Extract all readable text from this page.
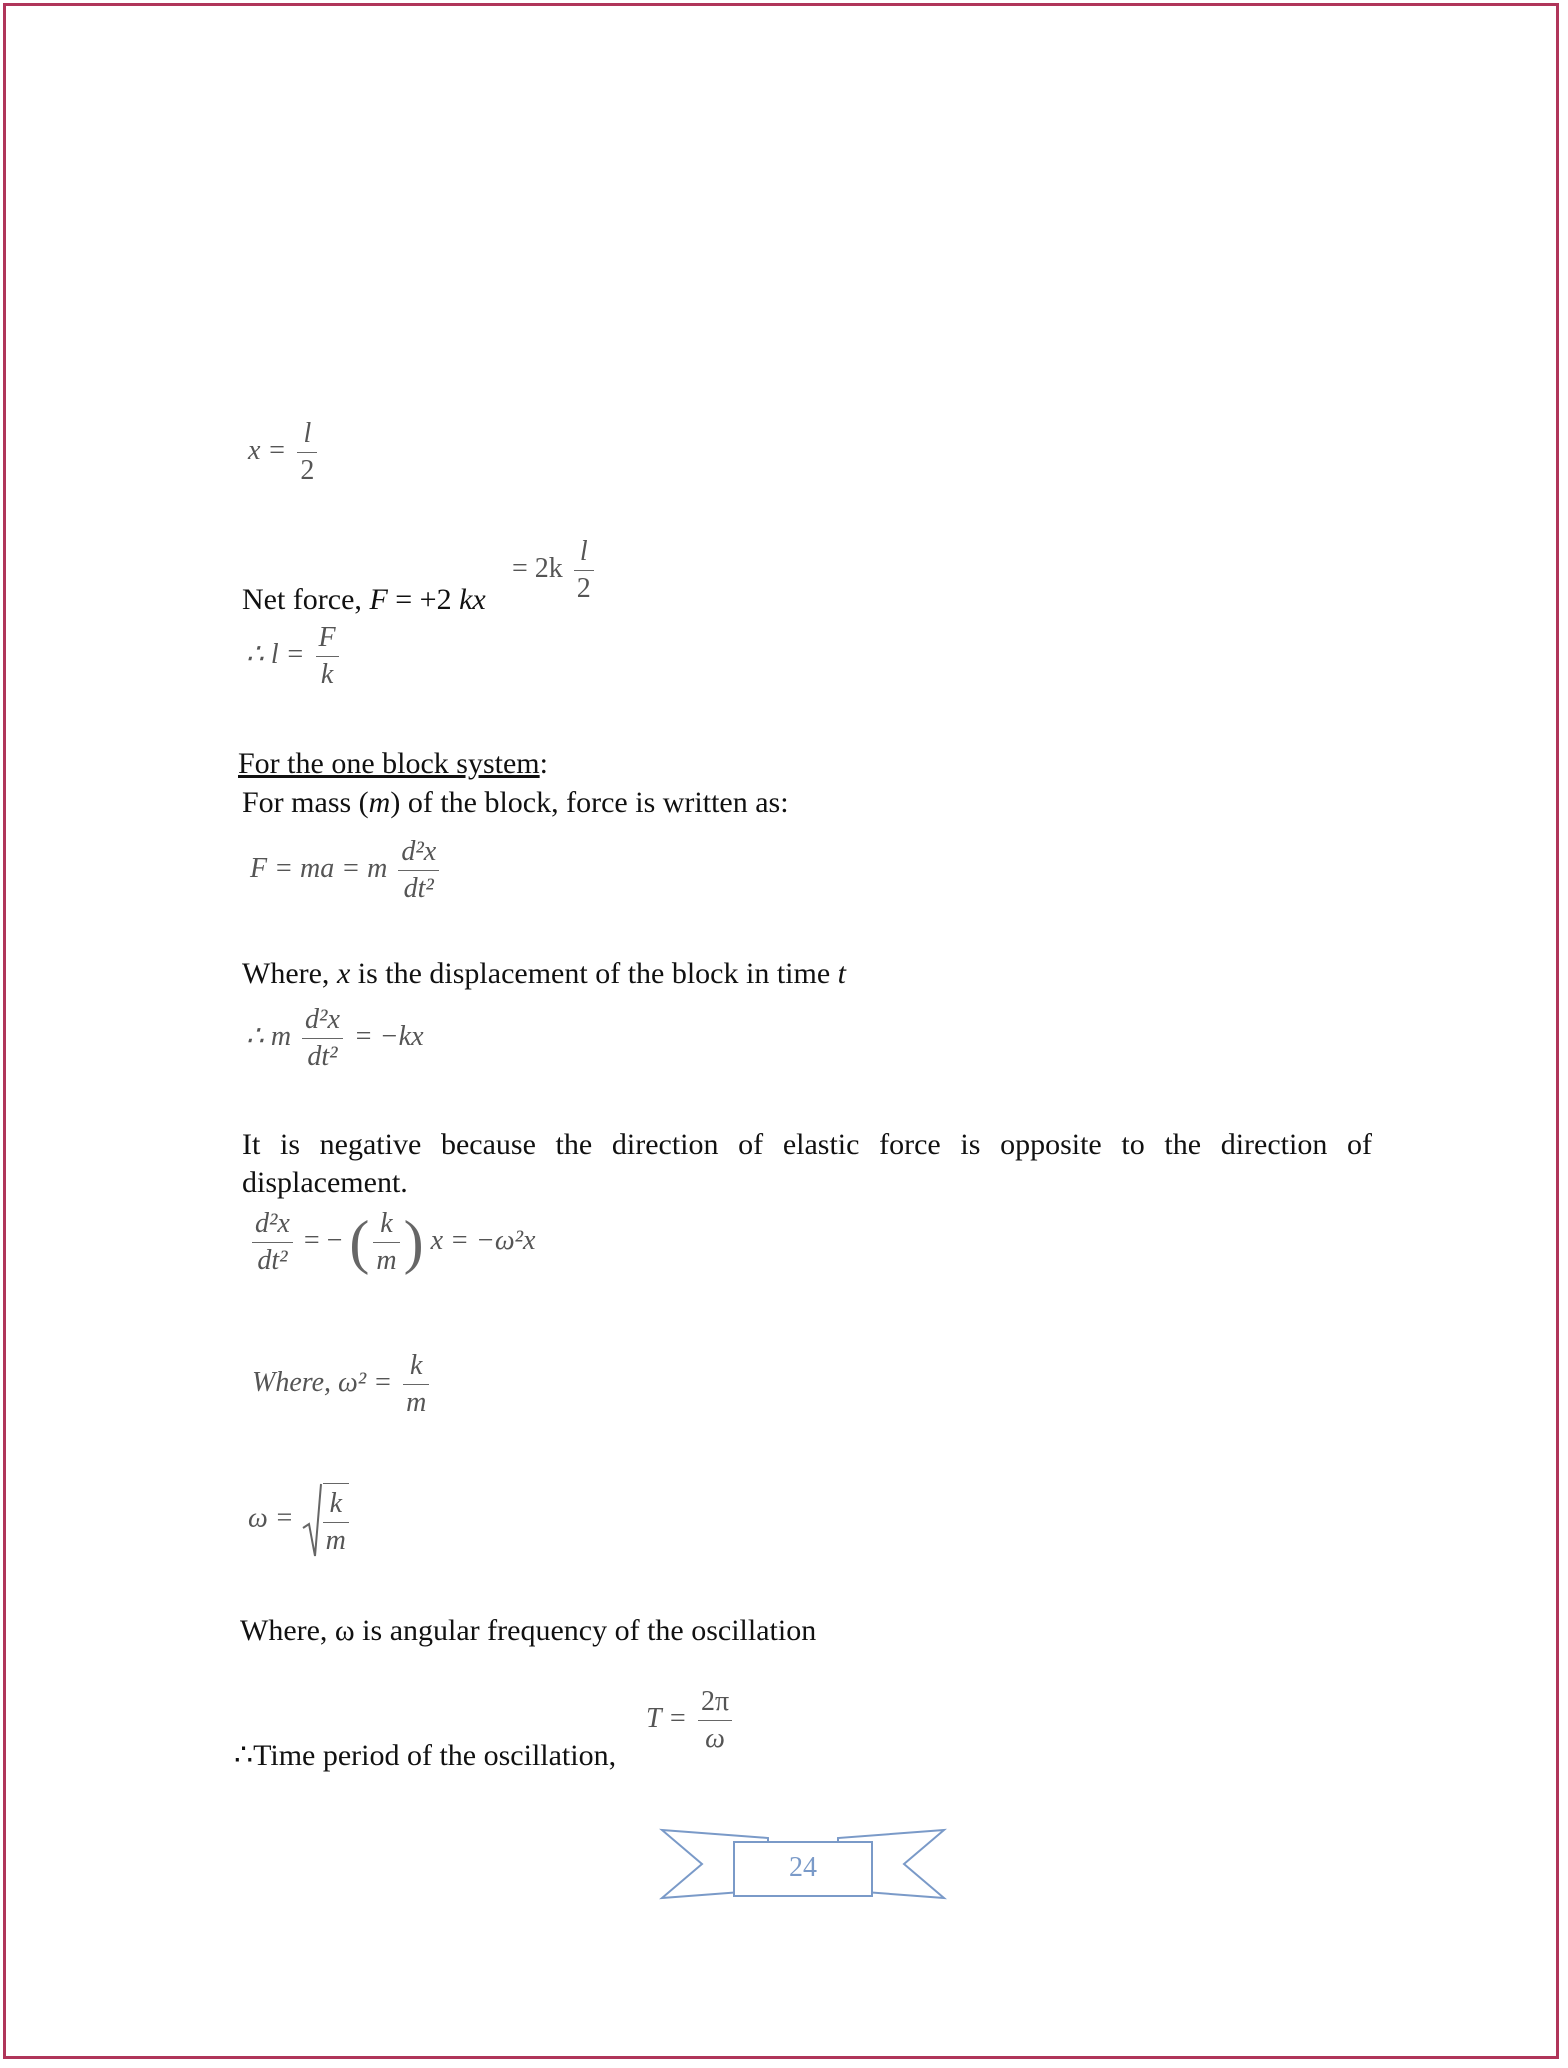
$x = \frac{l}{2}$
= $2k \frac{l}{2}$
Net force, F = +2 kx
∴ $l = \frac{F}{k}$
For the one block system:
For mass (m) of the block, force is written as:
F = ma = m $\frac{\text{d²x}}{\text{dt²}}$
Where, x is the displacement of the block in time t
∴ m $\frac{\text{d²x}}{\text{dt²}} = -kx$
It is negative because the direction of elastic force is opposite to the direction of displacement.
$\frac{\text{d²x}}{\text{dt²}}$ = − ( $\frac{k}{m}$ ) x = −ω²x
Where, $\omega^2 = \frac{k}{m}$
$\omega = \frac{k}{m}$
Where, ω is angular frequency of the oscillation
$T = \frac{2\pi}{\omega}$
∴Time period of the oscillation,
24
